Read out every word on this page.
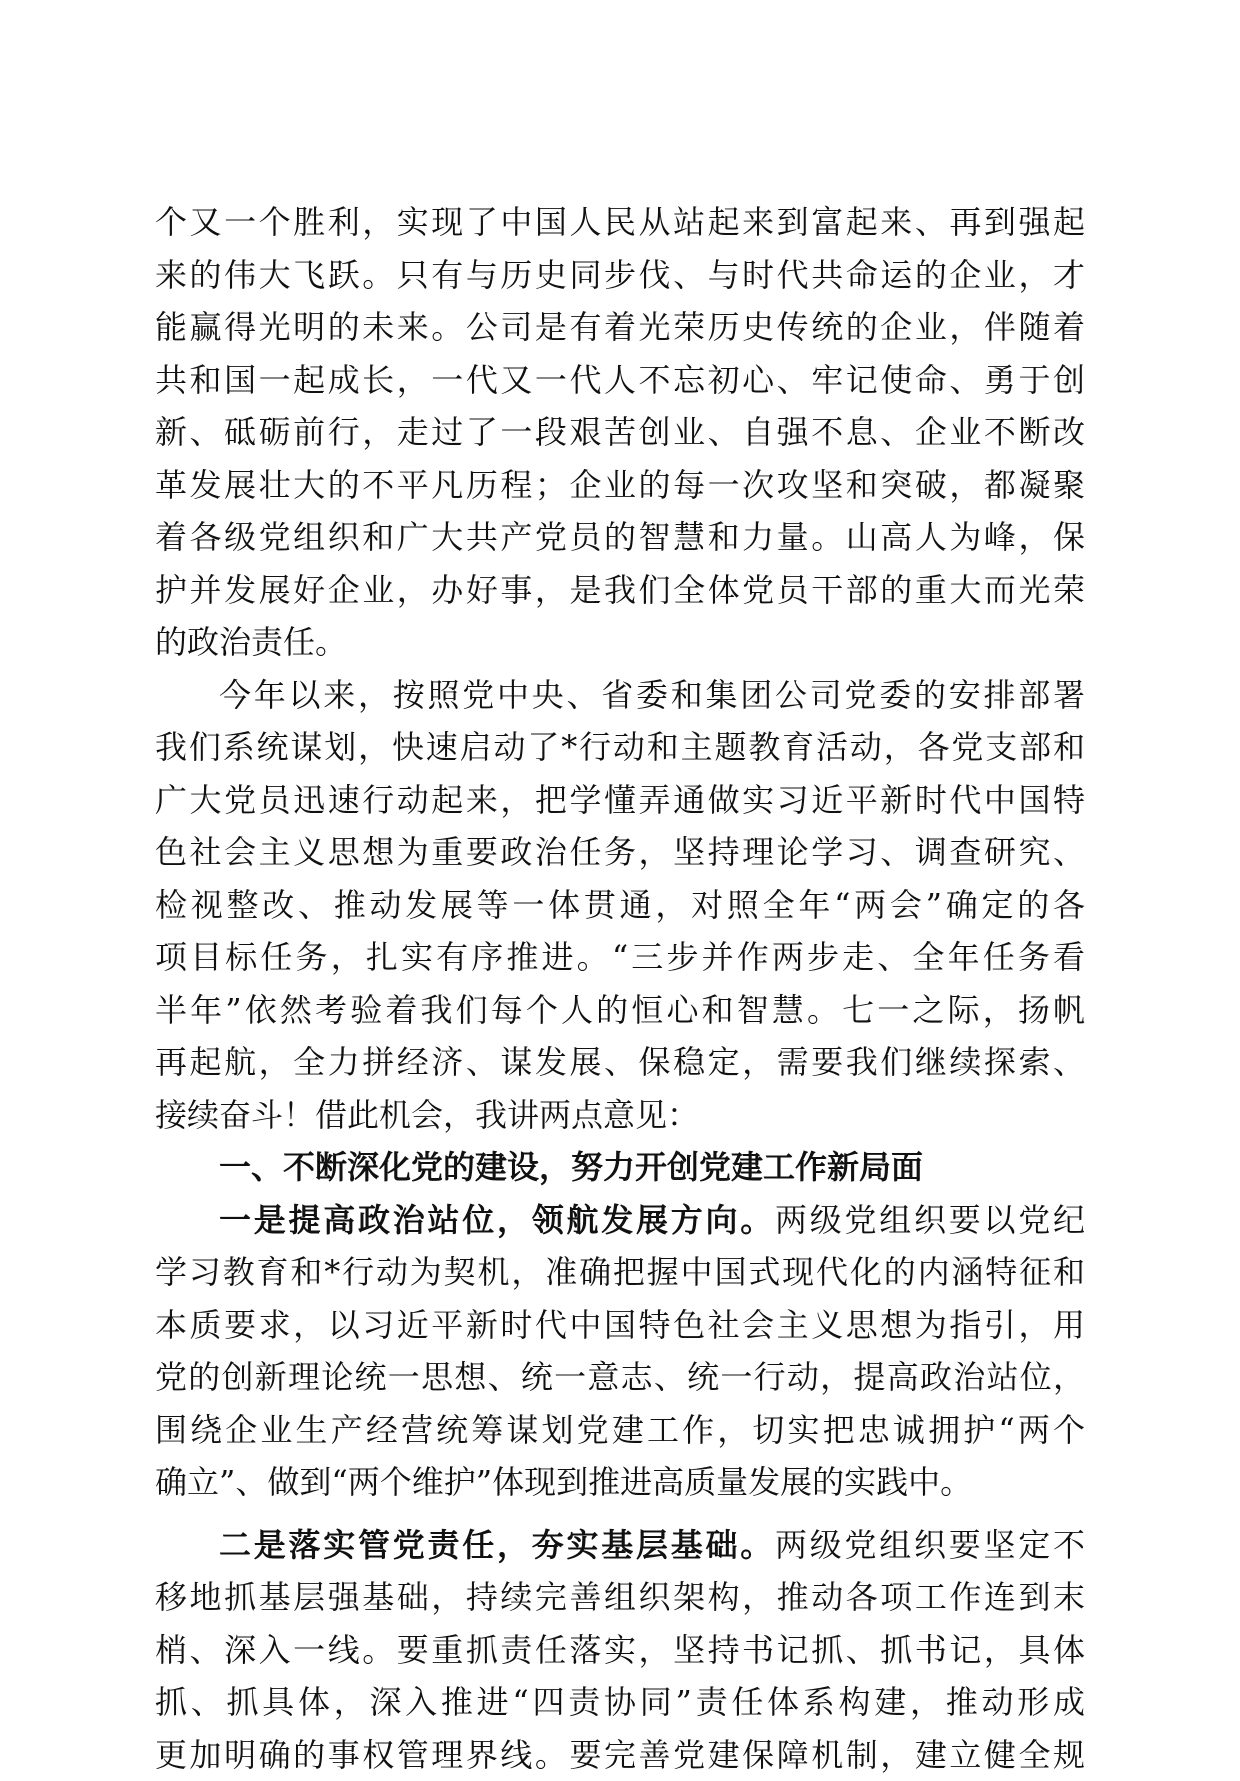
个又一个胜利，实现了中国人民从站起来到富起来、再到强起
来的伟大飞跃。只有与历史同步伐、与时代共命运的企业，才
能赢得光明的未来。公司是有着光荣历史传统的企业，伴随着
共和国一起成长，一代又一代人不忘初心、牢记使命、勇于创
新、砥砺前行，走过了一段艰苦创业、自强不息、企业不断改
革发展壮大的不平凡历程；企业的每一次攻坚和突破，都凝聚
着各级党组织和广大共产党员的智慧和力量。山高人为峰，保
护并发展好企业，办好事，是我们全体党员干部的重大而光荣
的政治责任。
今年以来，按照党中央、省委和集团公司党委的安排部署
我们系统谋划，快速启动了*行动和主题教育活动，各党支部和
广大党员迅速行动起来，把学懂弄通做实习近平新时代中国特
色社会主义思想为重要政治任务，坚持理论学习、调查研究、
检视整改、推动发展等一体贯通，对照全年“两会”确定的各
项目标任务，扎实有序推进。“三步并作两步走、全年任务看
半年”依然考验着我们每个人的恒心和智慧。七一之际，扬帆
再起航，全力拼经济、谋发展、保稳定，需要我们继续探索、
接续奋斗！借此机会，我讲两点意见：
一、不断深化党的建设，努力开创党建工作新局面
一是提高政治站位，领航发展方向。两级党组织要以党纪
学习教育和*行动为契机，准确把握中国式现代化的内涵特征和
本质要求，以习近平新时代中国特色社会主义思想为指引，用
党的创新理论统一思想、统一意志、统一行动，提高政治站位，
围绕企业生产经营统筹谋划党建工作，切实把忠诚拥护“两个
确立”、做到“两个维护”体现到推进高质量发展的实践中。
二是落实管党责任，夯实基层基础。两级党组织要坚定不
移地抓基层强基础，持续完善组织架构，推动各项工作连到末
梢、深入一线。要重抓责任落实，坚持书记抓、抓书记，具体
抓、抓具体，深入推进“四责协同”责任体系构建，推动形成
更加明确的事权管理界线。要完善党建保障机制，建立健全规
